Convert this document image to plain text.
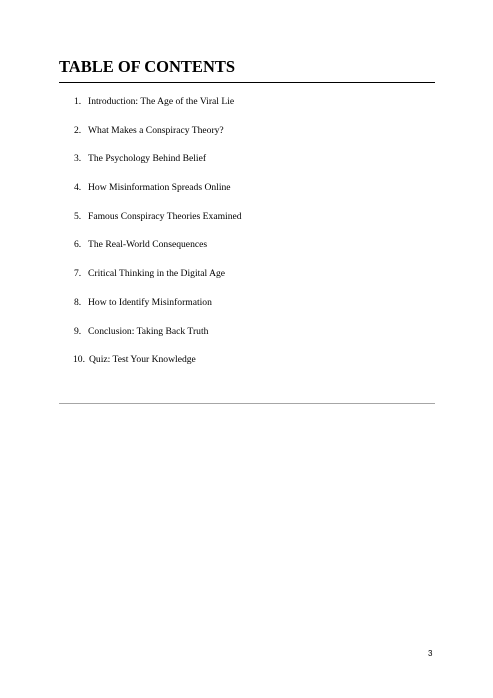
TABLE OF CONTENTS
1. Introduction: The Age of the Viral Lie
2. What Makes a Conspiracy Theory?
3. The Psychology Behind Belief
4. How Misinformation Spreads Online
5. Famous Conspiracy Theories Examined
6. The Real-World Consequences
7. Critical Thinking in the Digital Age
8. How to Identify Misinformation
9. Conclusion: Taking Back Truth
10. Quiz: Test Your Knowledge
3
